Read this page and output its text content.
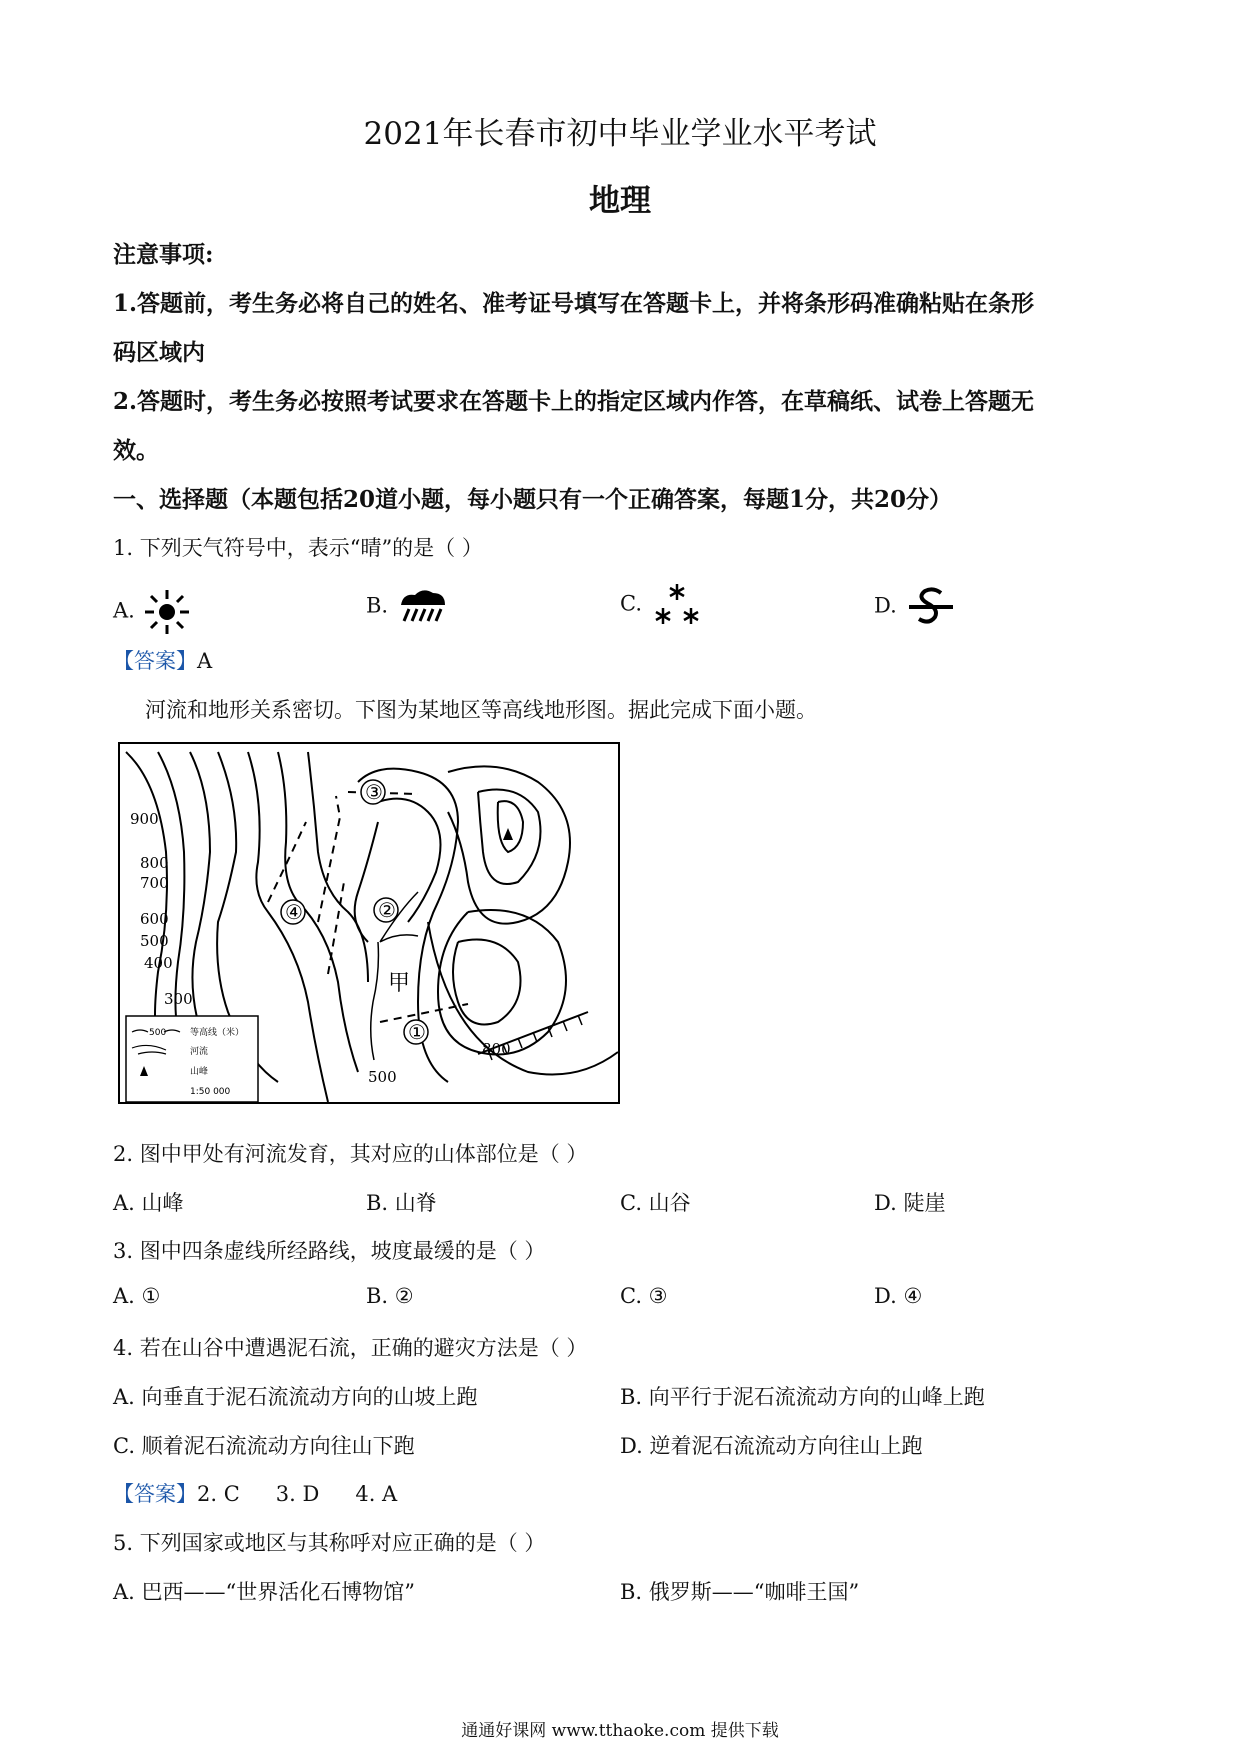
2021年长春市初中毕业学业水平考试
地理
注意事项:
1.答题前，考生务必将自己的姓名、准考证号填写在答题卡上，并将条形码准确粘贴在条形
码区域内
2.答题时，考生务必按照考试要求在答题卡上的指定区域内作答，在草稿纸、试卷上答题无
效。
一、选择题（本题包括20道小题，每小题只有一个正确答案，每题1分，共20分）
1. 下列天气符号中，表示“晴”的是（ ）
A.	B.	C.	D.
【答案】A
河流和地形关系密切。下图为某地区等高线地形图。据此完成下面小题。
900
800
700
600
500
400
300
800
500
③
④	②
①
甲
500	等高线（米）
河流
山峰
1:50 000
2. 图中甲处有河流发育，其对应的山体部位是（ ）
A. 山峰	B. 山脊	C. 山谷	D. 陡崖
3. 图中四条虚线所经路线，坡度最缓的是（ ）
A. ①	B. ②	C. ③	D. ④
4. 若在山谷中遭遇泥石流，正确的避灾方法是（ ）
A. 向垂直于泥石流流动方向的山坡上跑	B. 向平行于泥石流流动方向的山峰上跑
C. 顺着泥石流流动方向往山下跑	D. 逆着泥石流流动方向往山上跑
【答案】2. C 3. D 4. A
5. 下列国家或地区与其称呼对应正确的是（ ）
A. 巴西——“世界活化石博物馆”	B. 俄罗斯——“咖啡王国”
通通好课网 www.tthaoke.com 提供下载
